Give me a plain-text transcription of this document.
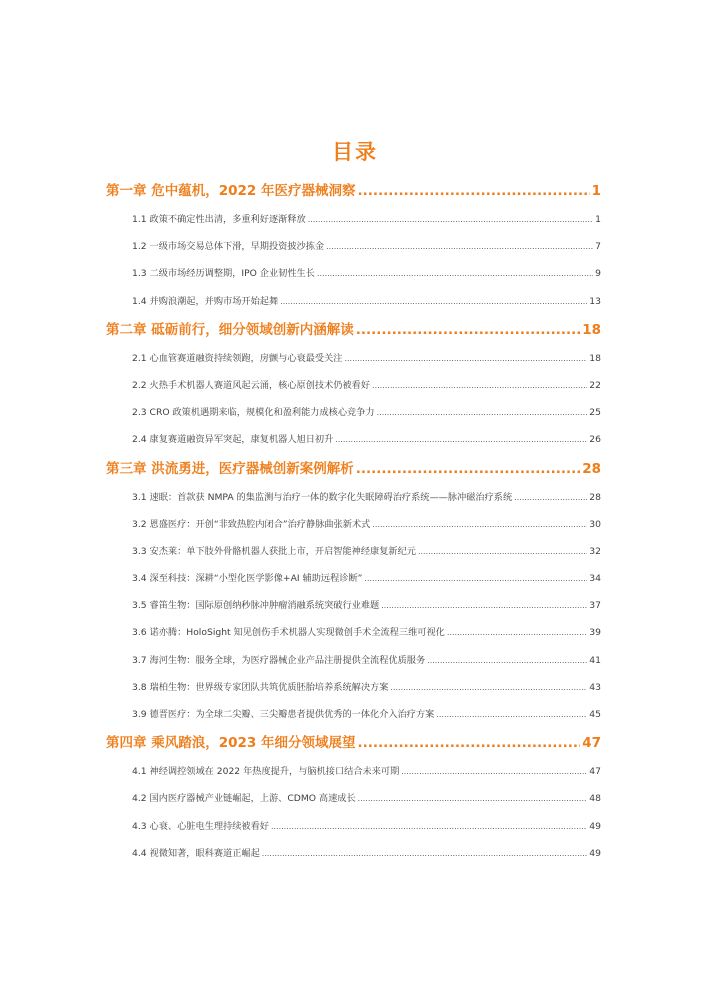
目录
第一章 危中蕴机，2022 年医疗器械洞察 .....	1
1.1 政策不确定性出清，多重利好逐渐释放 .....	1
1.2 一级市场交易总体下滑，早期投资披沙拣金 .....	7
1.3 二级市场经历调整期，IPO 企业韧性生长 .....	9
1.4 并购浪潮起，并购市场开始起舞 .....	13
第二章 砥砺前行，细分领域创新内涵解读 .....	18
2.1 心血管赛道融资持续领跑，房颤与心衰最受关注 .....	18
2.2 火热手术机器人赛道风起云涌，核心原创技术仍被看好 .....	22
2.3 CRO 政策机遇期来临，规模化和盈利能力成核心竞争力 .....	25
2.4 康复赛道融资异军突起，康复机器人旭日初升 .....	26
第三章 洪流勇进，医疗器械创新案例解析 .....	28
3.1 速眠：首款获 NMPA 的集监测与治疗一体的数字化失眠障碍治疗系统——脉冲磁治疗系统 .....	28
3.2 恩盛医疗：开创“非致热腔内闭合”治疗静脉曲张新术式 .....	30
3.3 安杰莱：单下肢外骨骼机器人获批上市，开启智能神经康复新纪元 .....	32
3.4 深至科技：深耕“小型化医学影像+AI 辅助远程诊断” .....	34
3.5 睿笛生物：国际原创纳秒脉冲肿瘤消融系统突破行业难题 .....	37
3.6 诺亦腾：HoloSight 知见创伤手术机器人实现微创手术全流程三维可视化 .....	39
3.7 海河生物：服务全球，为医疗器械企业产品注册提供全流程优质服务 .....	41
3.8 瑞柏生物：世界级专家团队共筑优质胚胎培养系统解决方案 .....	43
3.9 德晋医疗：为全球二尖瓣、三尖瓣患者提供优秀的一体化介入治疗方案 .....	45
第四章 乘风踏浪，2023 年细分领域展望 .....	47
4.1 神经调控领域在 2022 年热度提升，与脑机接口结合未来可期 .....	47
4.2 国内医疗器械产业链崛起，上游、CDMO 高速成长 .....	48
4.3 心衰、心脏电生理持续被看好 .....	49
4.4 视微知著，眼科赛道正崛起 .....	49
